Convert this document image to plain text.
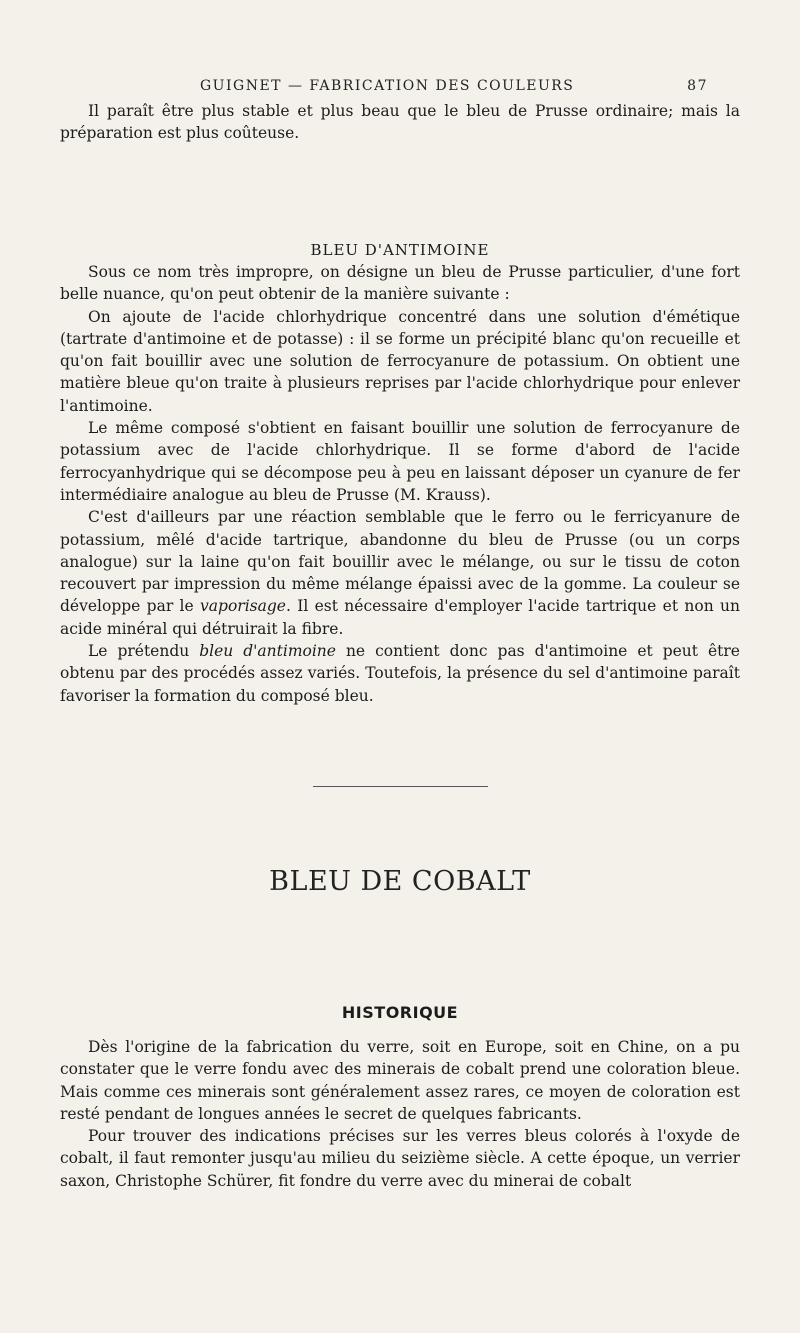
GUIGNET — FABRICATION DES COULEURS	87

Il paraît être plus stable et plus beau que le bleu de Prusse ordinaire; mais la préparation est plus coûteuse.

BLEU D'ANTIMOINE

Sous ce nom très impropre, on désigne un bleu de Prusse particulier, d'une fort belle nuance, qu'on peut obtenir de la manière suivante :

On ajoute de l'acide chlorhydrique concentré dans une solution d'émétique (tartrate d'antimoine et de potasse) : il se forme un précipité blanc qu'on recueille et qu'on fait bouillir avec une solution de ferrocyanure de potassium. On obtient une matière bleue qu'on traite à plusieurs reprises par l'acide chlorhydrique pour enlever l'antimoine.

Le même composé s'obtient en faisant bouillir une solution de ferrocyanure de potassium avec de l'acide chlorhydrique. Il se forme d'abord de l'acide ferrocyanhydrique qui se décompose peu à peu en laissant déposer un cyanure de fer intermédiaire analogue au bleu de Prusse (M. Krauss).

C'est d'ailleurs par une réaction semblable que le ferro ou le ferricyanure de potassium, mêlé d'acide tartrique, abandonne du bleu de Prusse (ou un corps analogue) sur la laine qu'on fait bouillir avec le mélange, ou sur le tissu de coton recouvert par impression du même mélange épaissi avec de la gomme. La couleur se développe par le vaporisage. Il est nécessaire d'employer l'acide tartrique et non un acide minéral qui détruirait la fibre.

Le prétendu bleu d'antimoine ne contient donc pas d'antimoine et peut être obtenu par des procédés assez variés. Toutefois, la présence du sel d'antimoine paraît favoriser la formation du composé bleu.

BLEU DE COBALT
HISTORIQUE

Dès l'origine de la fabrication du verre, soit en Europe, soit en Chine, on a pu constater que le verre fondu avec des minerais de cobalt prend une coloration bleue. Mais comme ces minerais sont généralement assez rares, ce moyen de coloration est resté pendant de longues années le secret de quelques fabricants.

Pour trouver des indications précises sur les verres bleus colorés à l'oxyde de cobalt, il faut remonter jusqu'au milieu du seizième siècle. A cette époque, un verrier saxon, Christophe Schürer, fit fondre du verre avec du minerai de cobalt
